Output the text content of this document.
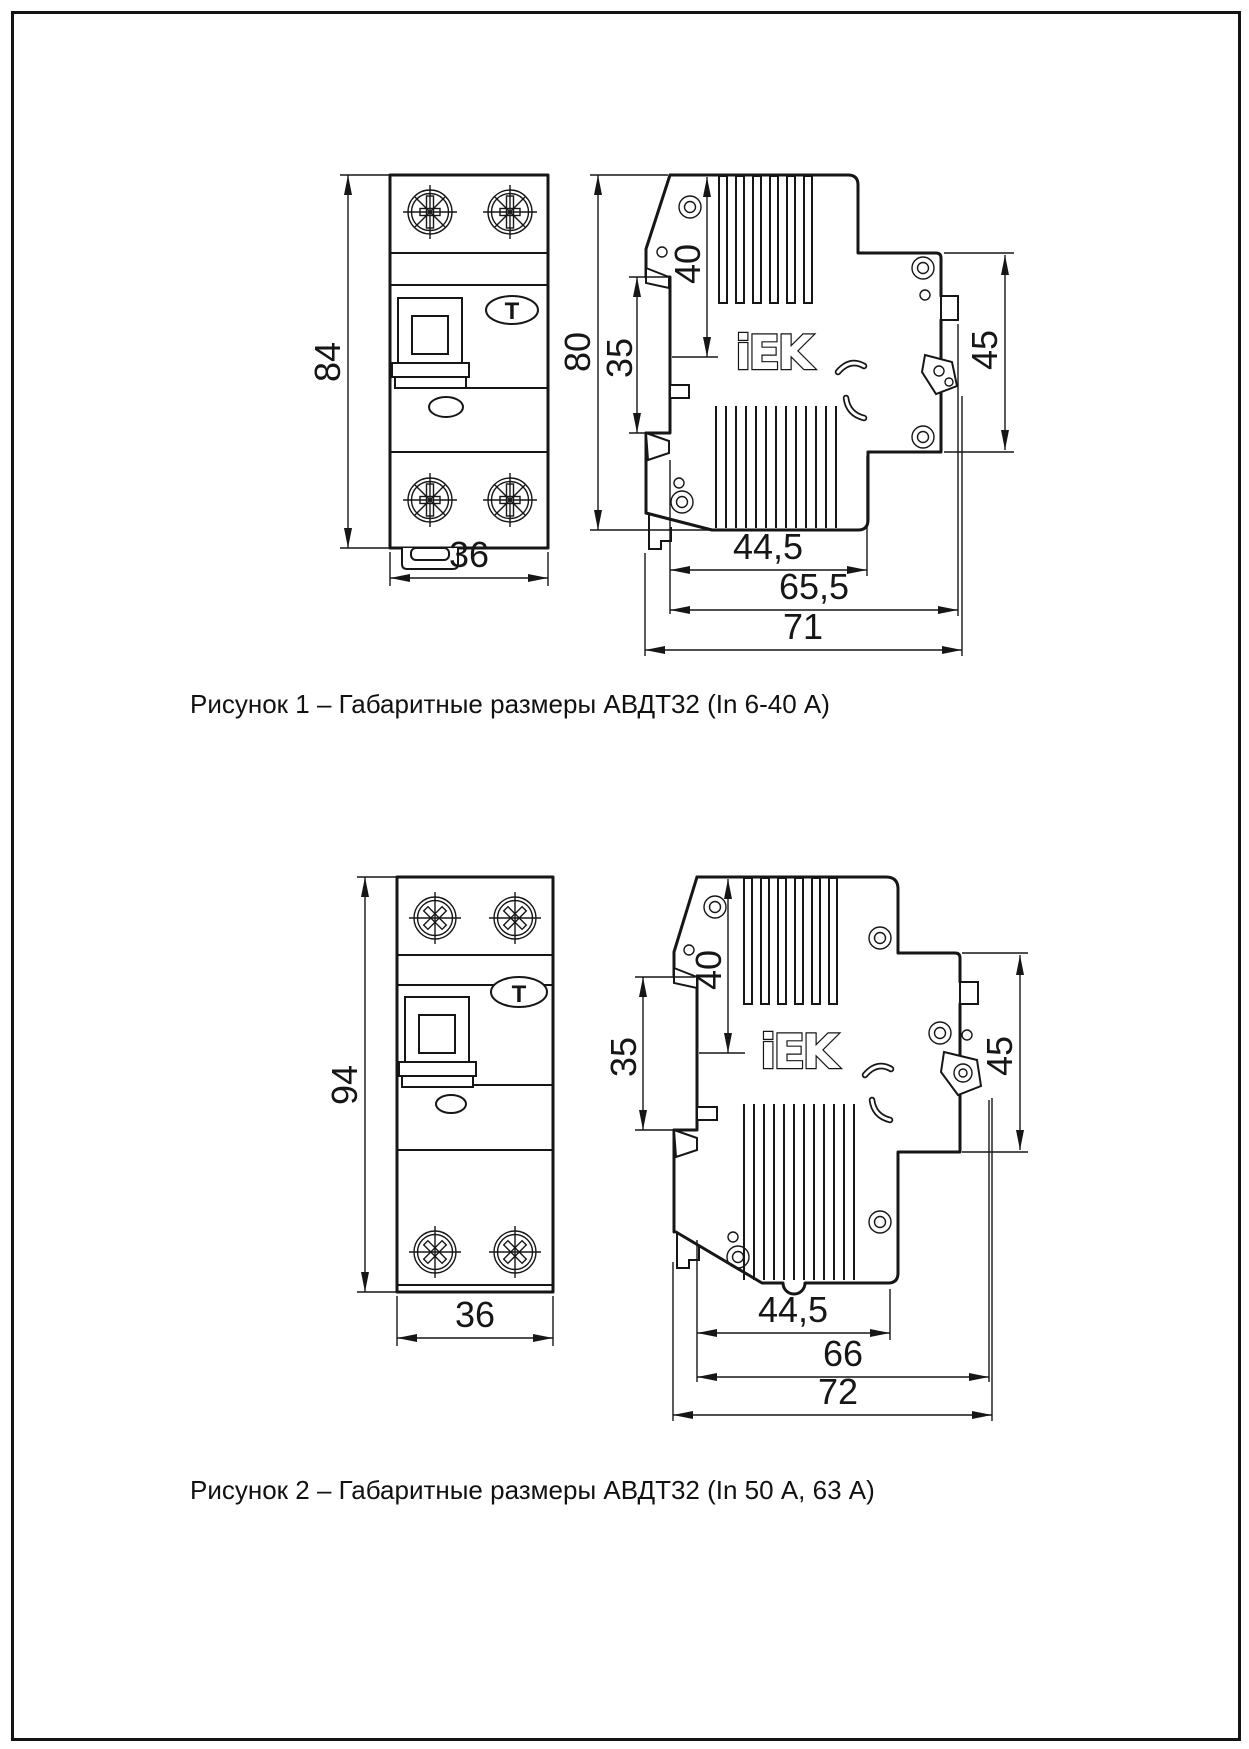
Т
84
36
iEK
80 35
40
45
44,5
65,5
71
Рисунок 1 – Габаритные размеры АВДТ32 (In 6-40 А)
Т
94
36
iEK
35
40
45
44,5
66
72
Рисунок 2 – Габаритные размеры АВДТ32 (In 50 А, 63 А)
